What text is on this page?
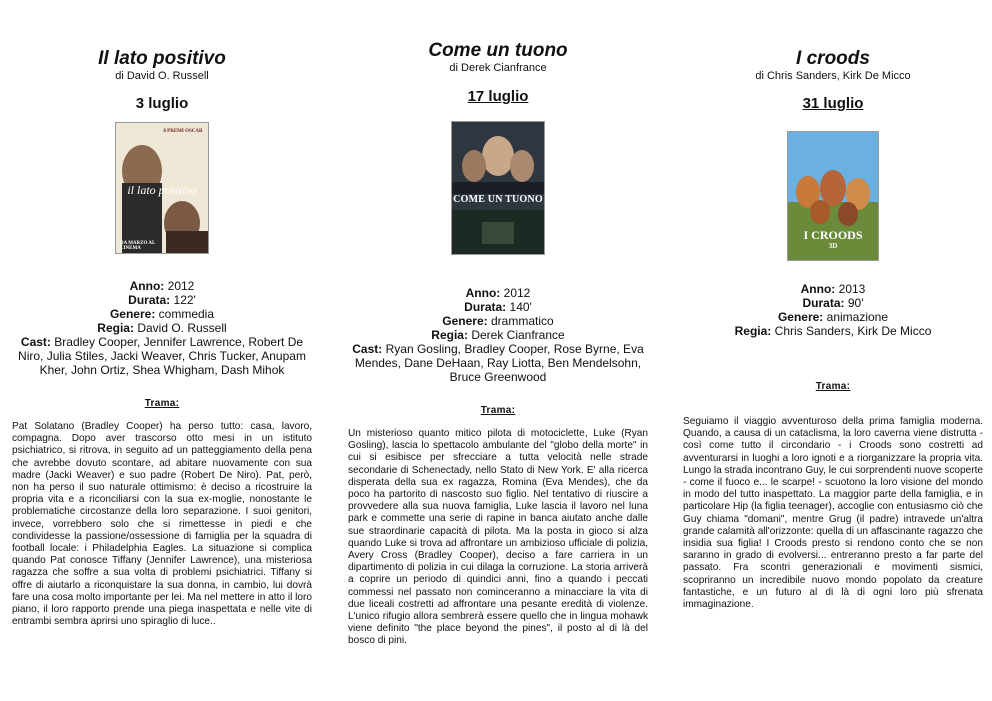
Il lato positivo

di David O. Russell

3 luglio

8 PREMI OSCAR
il lato positivo
DA MARZO AL CINEMA

Anno: 2012

Durata: 122'

Genere: commedia

Regia: David O. Russell

Cast: Bradley Cooper, Jennifer Lawrence, Robert De Niro, Julia Stiles, Jacki Weaver, Chris Tucker, Anupam Kher, John Ortiz, Shea Whigham, Dash Mihok

Trama:

Pat Solatano (Bradley Cooper) ha perso tutto: casa, lavoro, compagna. Dopo aver trascorso otto mesi in un istituto psichiatrico, si ritrova, in seguito ad un patteggiamento della pena che avrebbe dovuto scontare, ad abitare nuovamente con sua madre (Jacki Weaver) e suo padre (Robert De Niro). Pat, però, non ha perso il suo naturale ottimismo: è deciso a ricostruire la propria vita e a riconciliarsi con la sua ex-moglie, nonostante le problematiche circostanze della loro separazione. I suoi genitori, invece, vorrebbero solo che si rimettesse in piedi e che condividesse la passione/ossessione di famiglia per la squadra di football locale: i Philadelphia Eagles. La situazione si complica quando Pat conosce Tiffany (Jennifer Lawrence), una misteriosa ragazza che soffre a sua volta di problemi psichiatrici. Tiffany si offre di aiutarlo a riconquistare la sua donna, in cambio, lui dovrà fare una cosa molto importante per lei. Ma nel mettere in atto il loro piano, il loro rapporto prende una piega inaspettata e nelle vite di entrambi sembra aprirsi uno spiraglio di luce..

Come un tuono

di Derek Cianfrance

17 luglio

COME UN TUONO

Anno: 2012

Durata: 140'

Genere: drammatico

Regia: Derek Cianfrance

Cast: Ryan Gosling, Bradley Cooper, Rose Byrne, Eva Mendes, Dane DeHaan, Ray Liotta, Ben Mendelsohn, Bruce Greenwood

Trama:

Un misterioso quanto mitico pilota di motociclette, Luke (Ryan Gosling), lascia lo spettacolo ambulante del "globo della morte" in cui si esibisce per sfrecciare a tutta velocità nelle strade secondarie di Schenectady, nello Stato di New York. E' alla ricerca disperata della sua ex ragazza, Romina (Eva Mendes), che da poco ha partorito di nascosto suo figlio. Nel tentativo di riuscire a provvedere alla sua nuova famiglia, Luke lascia il lavoro nel luna park e commette una serie di rapine in banca aiutato anche dalle sue straordinarie capacità di pilota. Ma la posta in gioco si alza quando Luke si trova ad affrontare un ambizioso ufficiale di polizia, Avery Cross (Bradley Cooper), deciso a fare carriera in un dipartimento di polizia in cui dilaga la corruzione. La storia arriverà a coprire un periodo di quindici anni, fino a quando i peccati commessi nel passato non cominceranno a minacciare la vita di due liceali costretti ad affrontare una pesante eredità di violenze. L'unico rifugio allora sembrerà essere quello che in lingua mohawk viene definito "the place beyond the pines", il posto al di là del bosco di pini.

I croods

di Chris Sanders, Kirk De Micco

31 luglio

I CROODS
3D

Anno: 2013

Durata: 90'

Genere: animazione

Regia: Chris Sanders, Kirk De Micco

Trama:

Seguiamo il viaggio avventuroso della prima famiglia moderna. Quando, a causa di un cataclisma, la loro caverna viene distrutta - così come tutto il circondario - i Croods sono costretti ad avventurarsi in luoghi a loro ignoti e a riorganizzare la propria vita. Lungo la strada incontrano Guy, le cui sorprendenti nuove scoperte - come il fuoco e... le scarpe! - scuotono la loro visione del mondo in modo del tutto inaspettato. La maggior parte della famiglia, e in particolare Hip (la figlia teenager), accoglie con entusiasmo ciò che Guy chiama "domani", mentre Grug (il padre) intravede un'altra grande calamità all'orizzonte: quella di un affascinante ragazzo che insidia sua figlia! I Croods presto si rendono conto che se non saranno in grado di evolversi... entreranno presto a far parte del passato. Fra scontri generazionali e movimenti sismici, scopriranno un incredibile nuovo mondo popolato da creature fantastiche, e un futuro al di là di ogni loro più sfrenata immaginazione.
